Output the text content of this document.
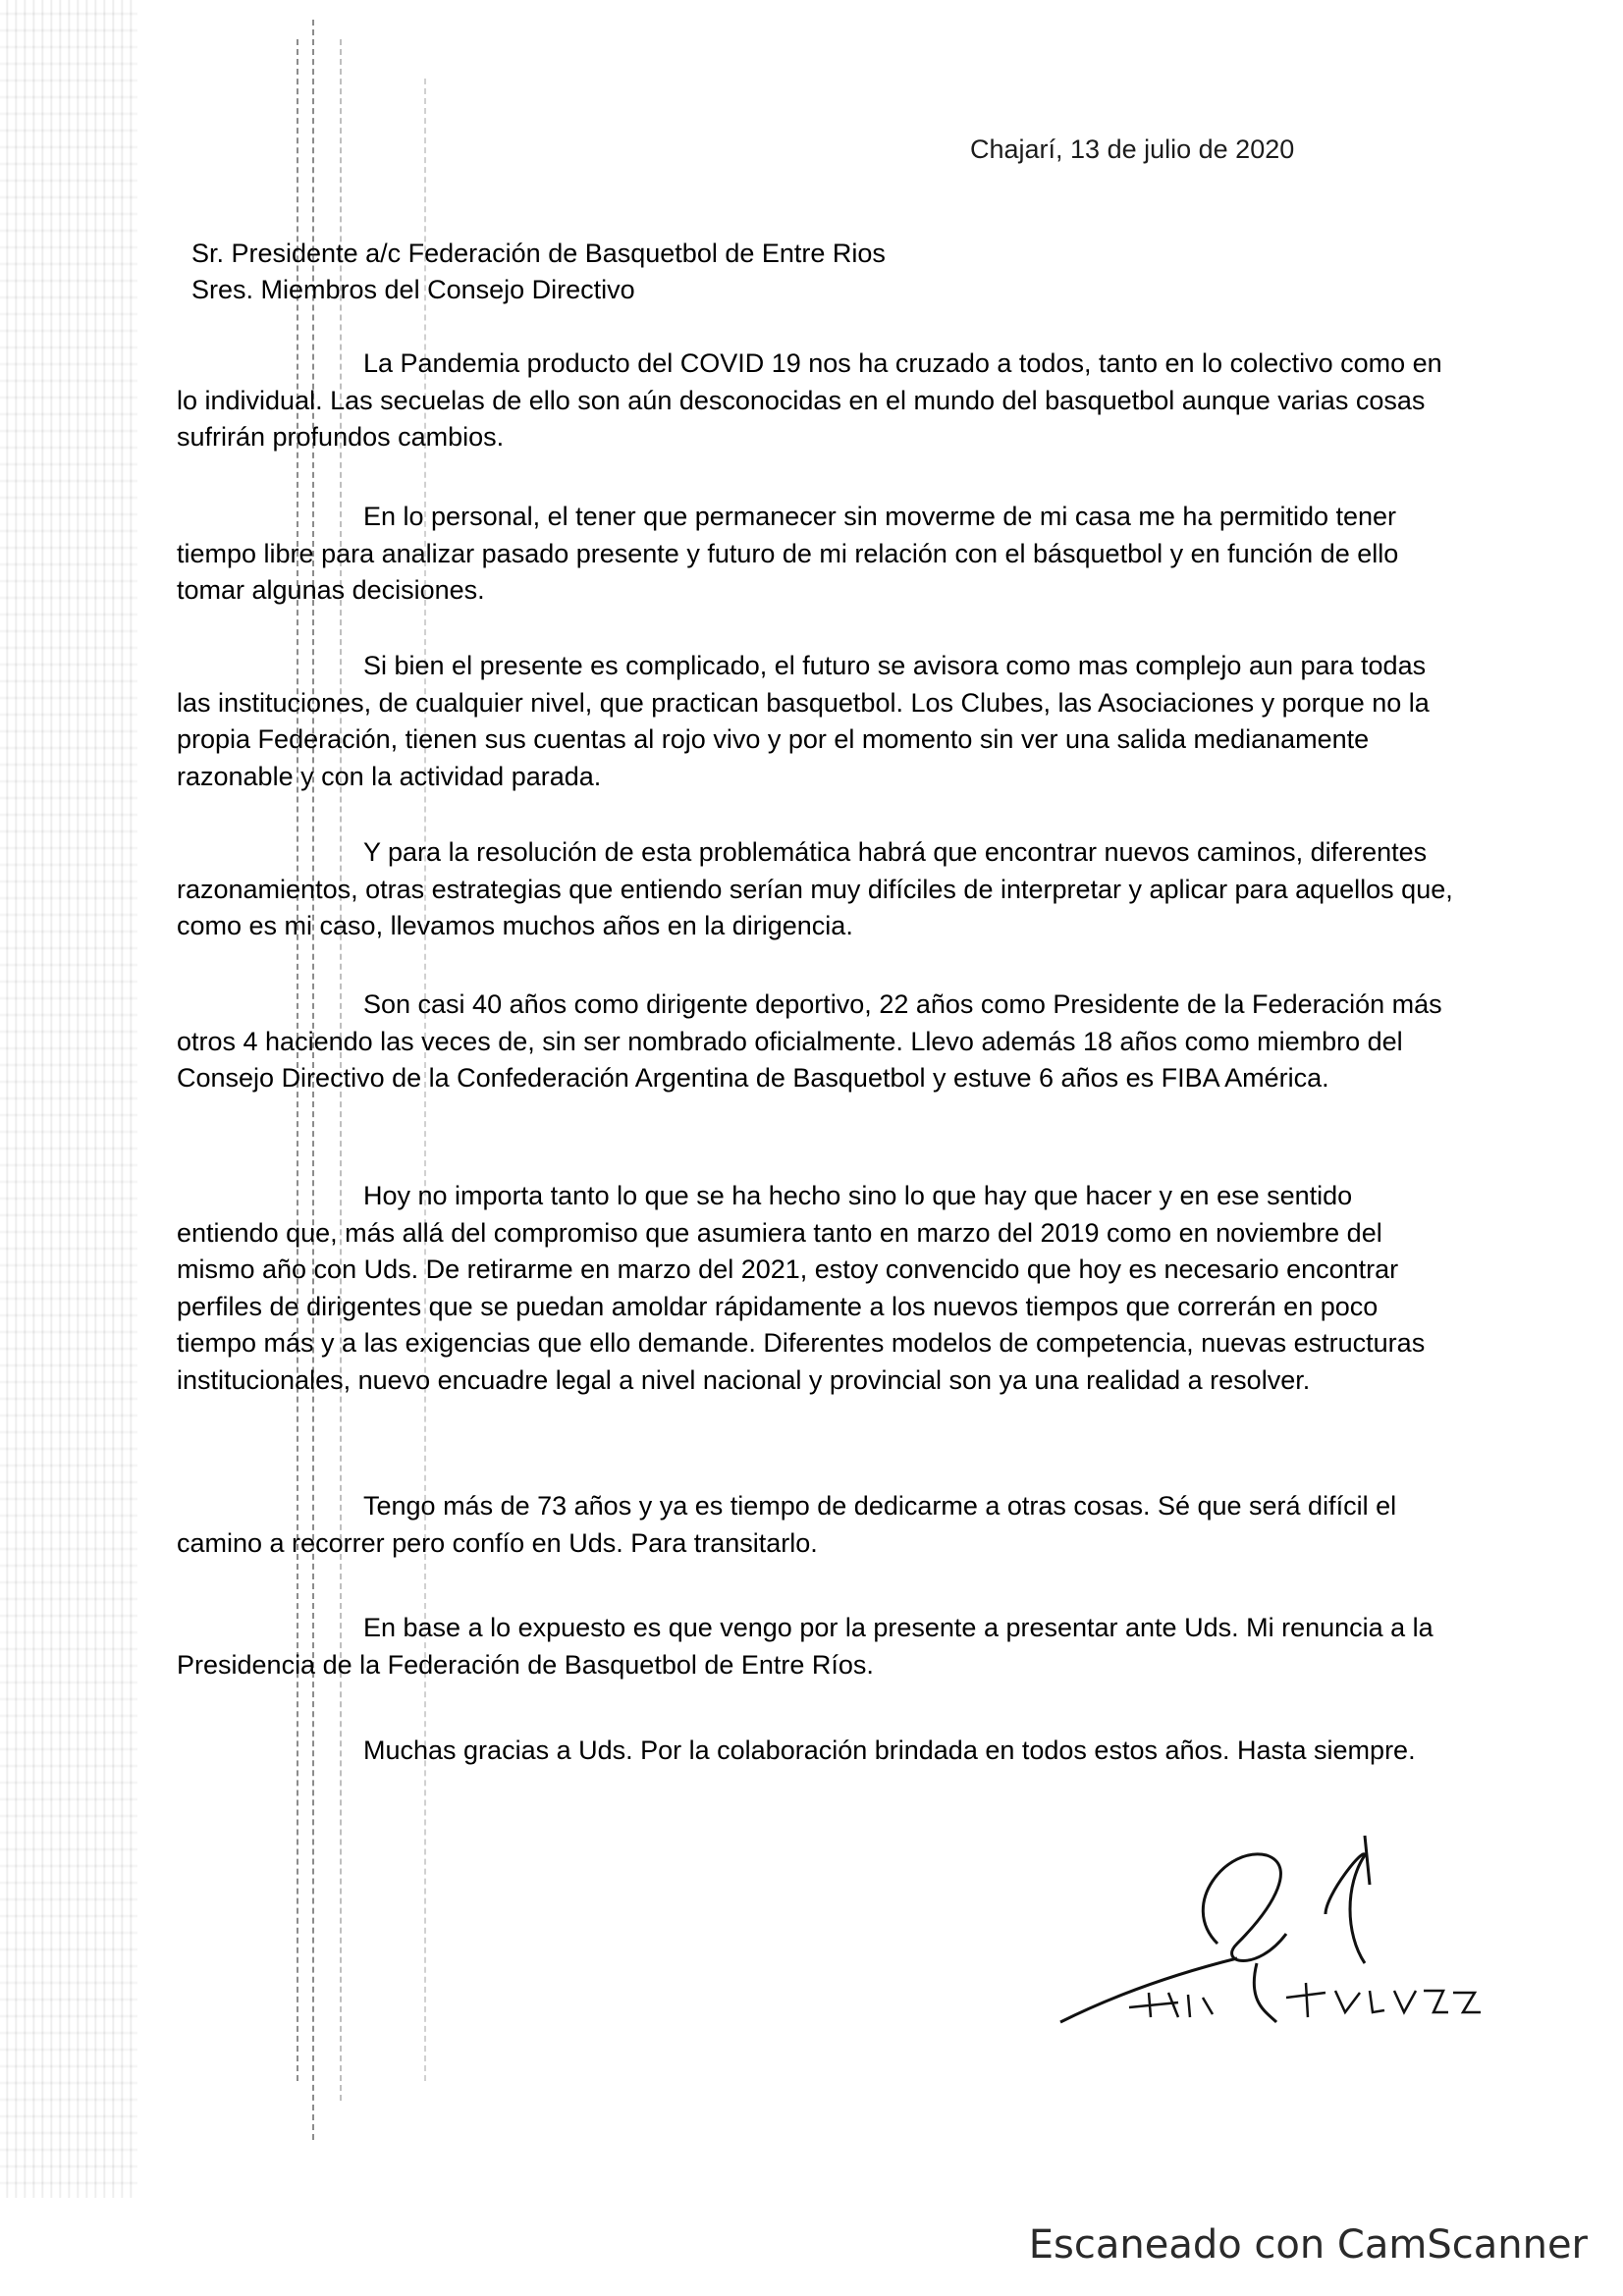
Chajarí, 13 de julio de 2020
Sr. Presidente a/c Federación de Basquetbol de Entre Rios
Sres. Miembros del Consejo Directivo
La Pandemia producto del COVID 19 nos ha cruzado a todos, tanto en lo colectivo como en lo individual. Las secuelas de ello son aún desconocidas en el mundo del basquetbol aunque varias cosas sufrirán profundos cambios.
En lo personal, el tener que permanecer sin moverme de mi casa me ha permitido tener tiempo libre para analizar pasado presente y futuro de mi relación con el básquetbol y en función de ello tomar algunas decisiones.
Si bien el presente es complicado, el futuro se avisora como mas complejo aun para todas las instituciones, de cualquier nivel, que practican basquetbol. Los Clubes, las Asociaciones y porque no la propia Federación, tienen sus cuentas al rojo vivo y por el momento sin ver una salida medianamente razonable y con la actividad parada.
Y para la resolución de esta problemática habrá que encontrar nuevos caminos, diferentes razonamientos, otras estrategias que entiendo serían muy difíciles de interpretar y aplicar para aquellos que, como es mi caso, llevamos muchos años en la dirigencia.
Son casi 40 años como dirigente deportivo, 22 años como Presidente de la Federación más otros 4 haciendo las veces de, sin ser nombrado oficialmente. Llevo además 18 años como miembro del Consejo Directivo de la Confederación Argentina de Basquetbol y estuve 6 años es FIBA América.
Hoy no importa tanto lo que se ha hecho sino lo que hay que hacer y en ese sentido entiendo que, más allá del compromiso que asumiera tanto en marzo del 2019 como en noviembre del mismo año con Uds. De retirarme en marzo del 2021, estoy convencido que hoy es necesario encontrar perfiles de dirigentes que se puedan amoldar rápidamente a los nuevos tiempos que correrán en poco tiempo más y a las exigencias que ello demande. Diferentes modelos de competencia, nuevas estructuras institucionales, nuevo encuadre legal a nivel nacional y provincial son ya una realidad a resolver.
Tengo más de 73 años y ya es tiempo de dedicarme a otras cosas. Sé que será difícil el camino a recorrer pero confío en Uds. Para transitarlo.
En base a lo expuesto es que vengo por la presente a presentar ante Uds. Mi renuncia a la Presidencia de la Federación de Basquetbol de Entre Ríos.
Muchas gracias a Uds. Por la colaboración brindada en todos estos años. Hasta siempre.
Escaneado con CamScanner
